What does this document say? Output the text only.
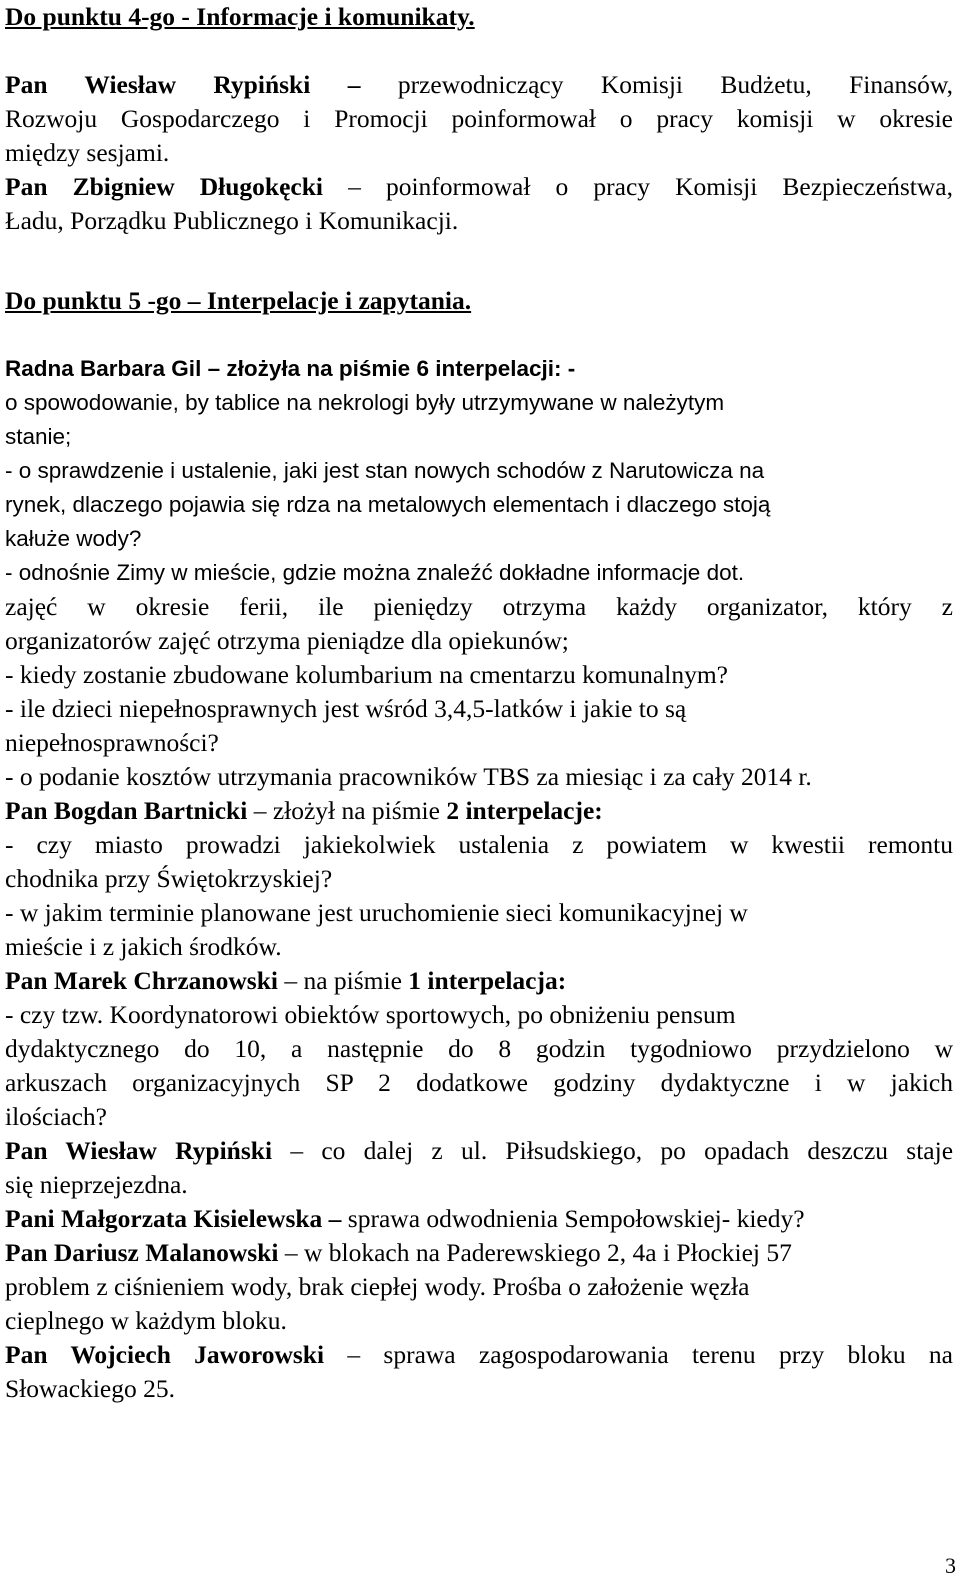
Do punktu 4-go - Informacje i komunikaty.
Pan Wiesław Rypiński – przewodniczący Komisji Budżetu, Finansów,
Rozwoju Gospodarczego i Promocji poinformował o pracy komisji w okresie
między sesjami.
Pan Zbigniew Długokęcki – poinformował o pracy Komisji Bezpieczeństwa,
Ładu, Porządku Publicznego i Komunikacji.
Do punktu 5 -go – Interpelacje i zapytania.
Radna Barbara Gil – złożyła na piśmie 6 interpelacji: -
o spowodowanie, by tablice na nekrologi były utrzymywane w należytym
stanie;
- o sprawdzenie i ustalenie, jaki jest stan nowych schodów z Narutowicza na
rynek, dlaczego pojawia się rdza na metalowych elementach i dlaczego stoją
kałuże wody?
- odnośnie Zimy w mieście, gdzie można znaleźć dokładne informacje dot.
zajęć w okresie ferii, ile pieniędzy otrzyma każdy organizator, który z
organizatorów zajęć otrzyma pieniądze dla opiekunów;
- kiedy zostanie zbudowane kolumbarium na cmentarzu komunalnym?
- ile dzieci niepełnosprawnych jest wśród 3,4,5-latków i jakie to są
niepełnosprawności?
- o podanie kosztów utrzymania pracowników TBS za miesiąc i za cały 2014 r.
Pan Bogdan Bartnicki – złożył na piśmie 2 interpelacje:
- czy miasto prowadzi jakiekolwiek ustalenia z powiatem w kwestii remontu
chodnika przy Świętokrzyskiej?
- w jakim terminie planowane jest uruchomienie sieci komunikacyjnej w
mieście i z jakich środków.
Pan Marek Chrzanowski – na piśmie 1 interpelacja:
- czy tzw. Koordynatorowi obiektów sportowych, po obniżeniu pensum
dydaktycznego do 10, a następnie do 8 godzin tygodniowo przydzielono w
arkuszach organizacyjnych SP 2 dodatkowe godziny dydaktyczne i w jakich
ilościach?
Pan Wiesław Rypiński – co dalej z ul. Piłsudskiego, po opadach deszczu staje
się nieprzejezdna.
Pani Małgorzata Kisielewska – sprawa odwodnienia Sempołowskiej- kiedy?
Pan Dariusz Malanowski – w blokach na Paderewskiego 2, 4a i Płockiej 57
problem z ciśnieniem wody, brak ciepłej wody. Prośba o założenie węzła
cieplnego w każdym bloku.
Pan Wojciech Jaworowski – sprawa zagospodarowania terenu przy bloku na
Słowackiego 25.
3
